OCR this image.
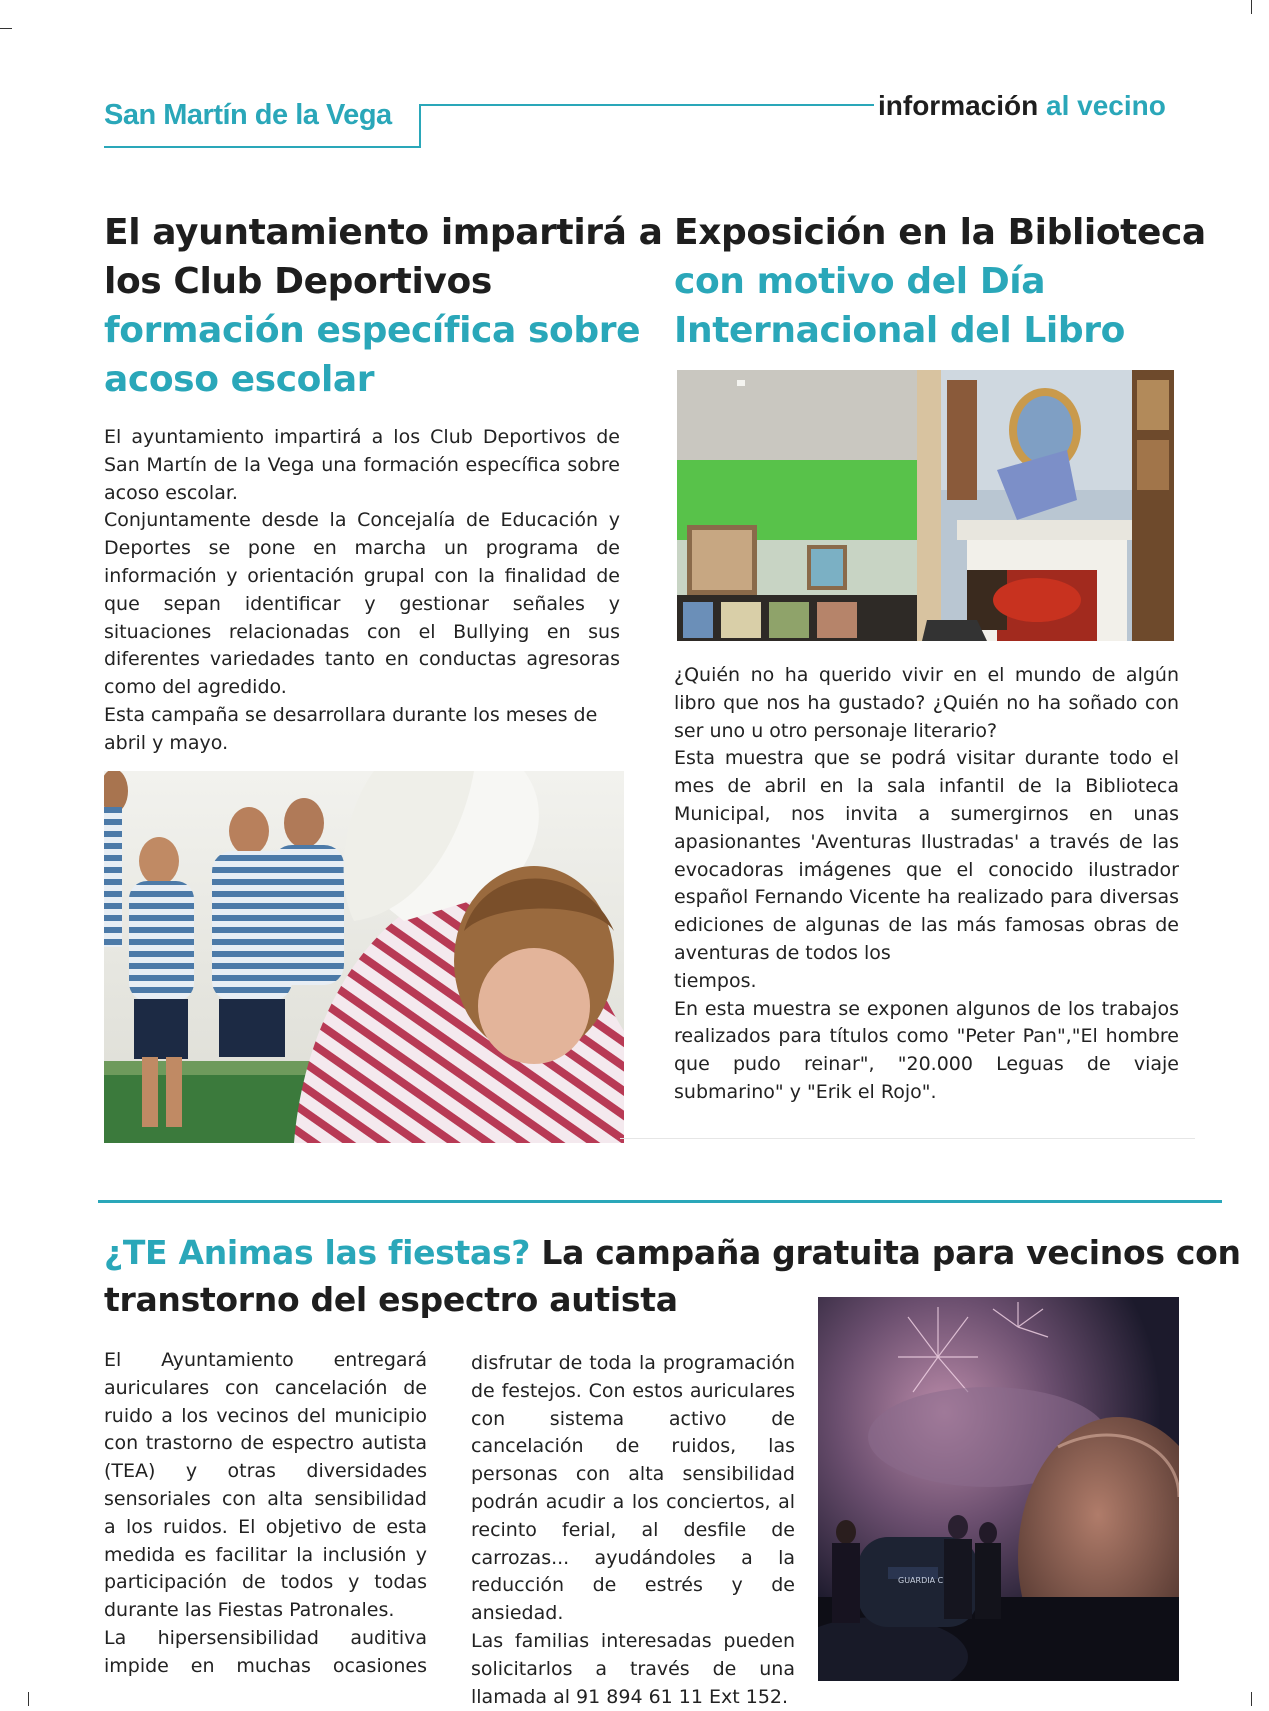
San Martín de la Vega	información al vecino
El ayuntamiento impartirá a
los Club Deportivos
formación específica sobre
acoso escolar

El ayuntamiento impartirá a los Club Deportivos de San Martín de la Vega una formación específica sobre acoso escolar.

Conjuntamente desde la Concejalía de Educación y Deportes se pone en marcha un programa de información y orientación grupal con la finalidad de que sepan identificar y gestionar señales y situaciones relacionadas con el Bullying en sus diferentes variedades tanto en conductas agresoras como del agredido.

Esta campaña se desarrollara durante los meses de abril y mayo.

Exposición en la Biblioteca
con motivo del Día
Internacional del Libro

¿Quién no ha querido vivir en el mundo de algún libro que nos ha gustado? ¿Quién no ha soñado con ser uno u otro personaje literario?

Esta muestra que se podrá visitar durante todo el mes de abril en la sala infantil de la Biblioteca Municipal, nos invita a sumergirnos en unas apasionantes 'Aventuras Ilustradas' a través de las evocadoras imágenes que el conocido ilustrador español Fernando Vicente ha realizado para diversas ediciones de algunas de las más famosas obras de aventuras de todos los

tiempos.

En esta muestra se exponen algunos de los trabajos realizados para títulos como "Peter Pan","El hombre que pudo reinar", "20.000 Leguas de viaje submarino" y "Erik el Rojo".

¿TE Animas las fiestas? La campaña gratuita para vecinos con
transtorno del espectro autista

El Ayuntamiento entregará auriculares con cancelación de ruido a los vecinos del municipio con trastorno de espectro autista (TEA) y otras diversidades sensoriales con alta sensibilidad a los ruidos. El objetivo de esta medida es facilitar la inclusión y participación de todos y todas durante las Fiestas Patronales.

La hipersensibilidad auditiva impide en muchas ocasiones

disfrutar de toda la programación de festejos. Con estos auriculares con sistema activo de cancelación de ruidos, las personas con alta sensibilidad podrán acudir a los conciertos, al recinto ferial, al desfile de carrozas... ayudándoles a la reducción de estrés y de ansiedad.

Las familias interesadas pueden solicitarlos a través de una llamada al 91 894 61 11 Ext 152.

GUARDIA C
